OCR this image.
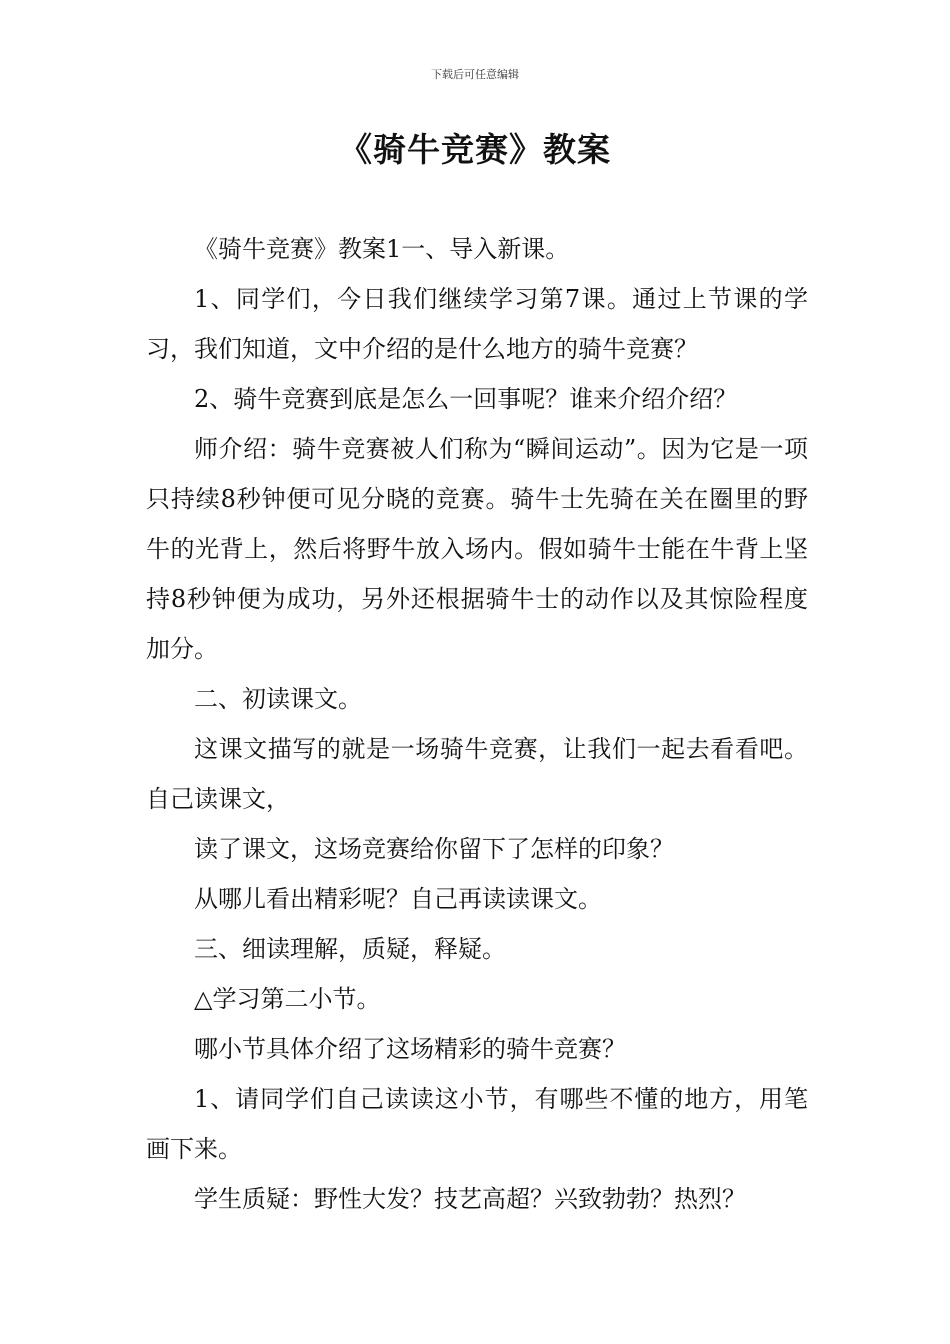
下载后可任意编辑
《骑牛竞赛》教案

《骑牛竞赛》教案1一、导入新课。

1、同学们，今日我们继续学习第7课。通过上节课的学习，我们知道，文中介绍的是什么地方的骑牛竞赛？

2、骑牛竞赛到底是怎么一回事呢？谁来介绍介绍？

师介绍：骑牛竞赛被人们称为“瞬间运动”。因为它是一项只持续8秒钟便可见分晓的竞赛。骑牛士先骑在关在圈里的野牛的光背上，然后将野牛放入场内。假如骑牛士能在牛背上坚持8秒钟便为成功，另外还根据骑牛士的动作以及其惊险程度加分。

二、初读课文。

这课文描写的就是一场骑牛竞赛，让我们一起去看看吧。自己读课文，

读了课文，这场竞赛给你留下了怎样的印象？

从哪儿看出精彩呢？自己再读读课文。

三、细读理解，质疑，释疑。

△学习第二小节。

哪小节具体介绍了这场精彩的骑牛竞赛？

1、请同学们自己读读这小节，有哪些不懂的地方，用笔画下来。

学生质疑：野性大发？技艺高超？兴致勃勃？热烈？
